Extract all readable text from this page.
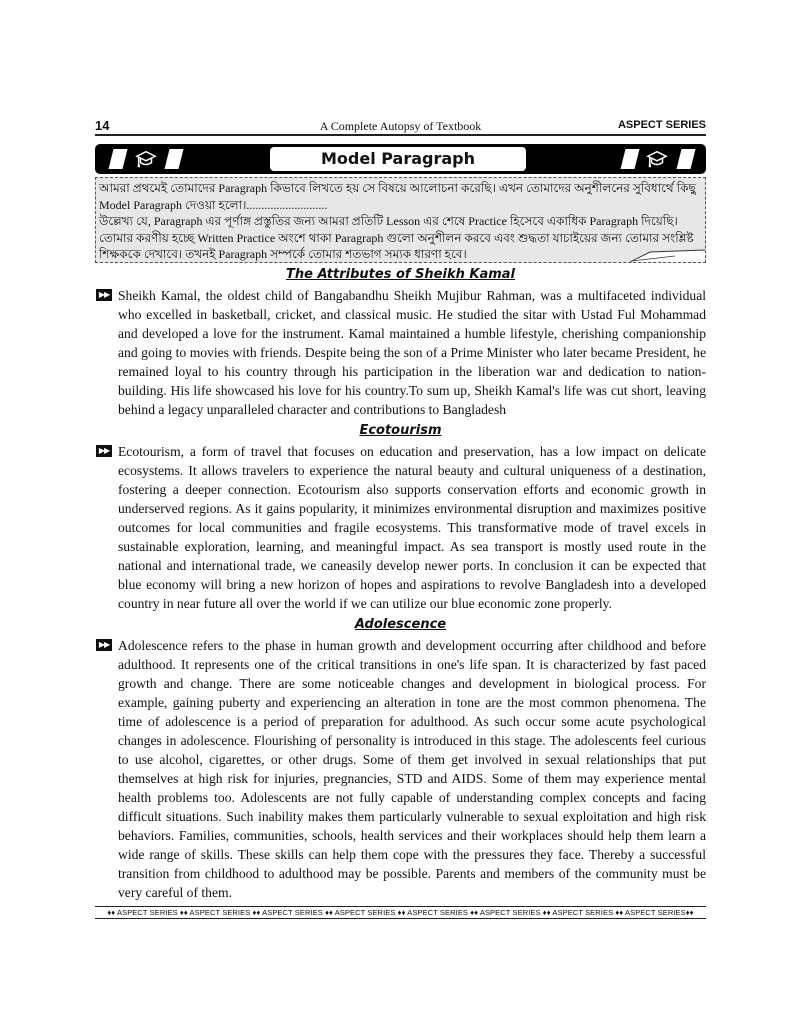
14	A Complete Autopsy of Textbook	ASPECT SERIES
Model Paragraph

আমরা প্রথমেই তোমাদের Paragraph কিভাবে লিখতে হয় সে বিষয়ে আলোচনা করেছি। এখন তোমাদের অনুশীলনের সুবিধার্থে কিছু

Model Paragraph দেওয়া হলো।...........................

উল্লেখ্য যে, Paragraph এর পূর্ণাঙ্গ প্রস্তুতির জন্য আমরা প্রতিটি Lesson এর শেষে Practice হিসেবে একাধিক Paragraph দিয়েছি।

তোমার করণীয় হচ্ছে Written Practice অংশে থাকা Paragraph গুলো অনুশীলন করবে এবং শুদ্ধতা যাচাইয়ের জন্য তোমার সংশ্লিষ্ট

শিক্ষককে দেখাবে। তখনই Paragraph সম্পর্কে তোমার শতভাগ সম্যক ধারণা হবে।

The Attributes of Sheikh Kamal

▶▶ Sheikh Kamal, the oldest child of Bangabandhu Sheikh Mujibur Rahman, was a multifaceted individual who excelled in basketball, cricket, and classical music. He studied the sitar with Ustad Ful Mohammad and developed a love for the instrument. Kamal maintained a humble lifestyle, cherishing companionship and going to movies with friends. Despite being the son of a Prime Minister who later became President, he remained loyal to his country through his participation in the liberation war and dedication to nation-building. His life showcased his love for his country.To sum up, Sheikh Kamal's life was cut short, leaving behind a legacy unparalleled character and contributions to Bangladesh

Ecotourism

▶▶ Ecotourism, a form of travel that focuses on education and preservation, has a low impact on delicate ecosystems. It allows travelers to experience the natural beauty and cultural uniqueness of a destination, fostering a deeper connection. Ecotourism also supports conservation efforts and economic growth in underserved regions. As it gains popularity, it minimizes environmental disruption and maximizes positive outcomes for local communities and fragile ecosystems. This transformative mode of travel excels in sustainable exploration, learning, and meaningful impact. As sea transport is mostly used route in the national and international trade, we caneasily develop newer ports. In conclusion it can be expected that blue economy will bring a new horizon of hopes and aspirations to revolve Bangladesh into a developed country in near future all over the world if we can utilize our blue economic zone properly.

Adolescence

▶▶ Adolescence refers to the phase in human growth and development occurring after childhood and before adulthood. It represents one of the critical transitions in one's life span. It is characterized by fast paced growth and change. There are some noticeable changes and development in biological process. For example, gaining puberty and experiencing an alteration in tone are the most common phenomena. The time of adolescence is a period of preparation for adulthood. As such occur some acute psychological changes in adolescence. Flourishing of personality is introduced in this stage. The adolescents feel curious to use alcohol, cigarettes, or other drugs. Some of them get involved in sexual relationships that put themselves at high risk for injuries, pregnancies, STD and AIDS. Some of them may experience mental health problems too. Adolescents are not fully capable of understanding complex concepts and facing difficult situations. Such inability makes them particularly vulnerable to sexual exploitation and high risk behaviors. Families, communities, schools, health services and their workplaces should help them learn a wide range of skills. These skills can help them cope with the pressures they face. Thereby a successful transition from childhood to adulthood may be possible. Parents and members of the community must be very careful of them.

♦♦ ASPECT SERIES ♦♦ ASPECT SERIES ♦♦ ASPECT SERIES ♦♦ ASPECT SERIES ♦♦ ASPECT SERIES ♦♦ ASPECT SERIES ♦♦ ASPECT SERIES ♦♦ ASPECT SERIES♦♦
